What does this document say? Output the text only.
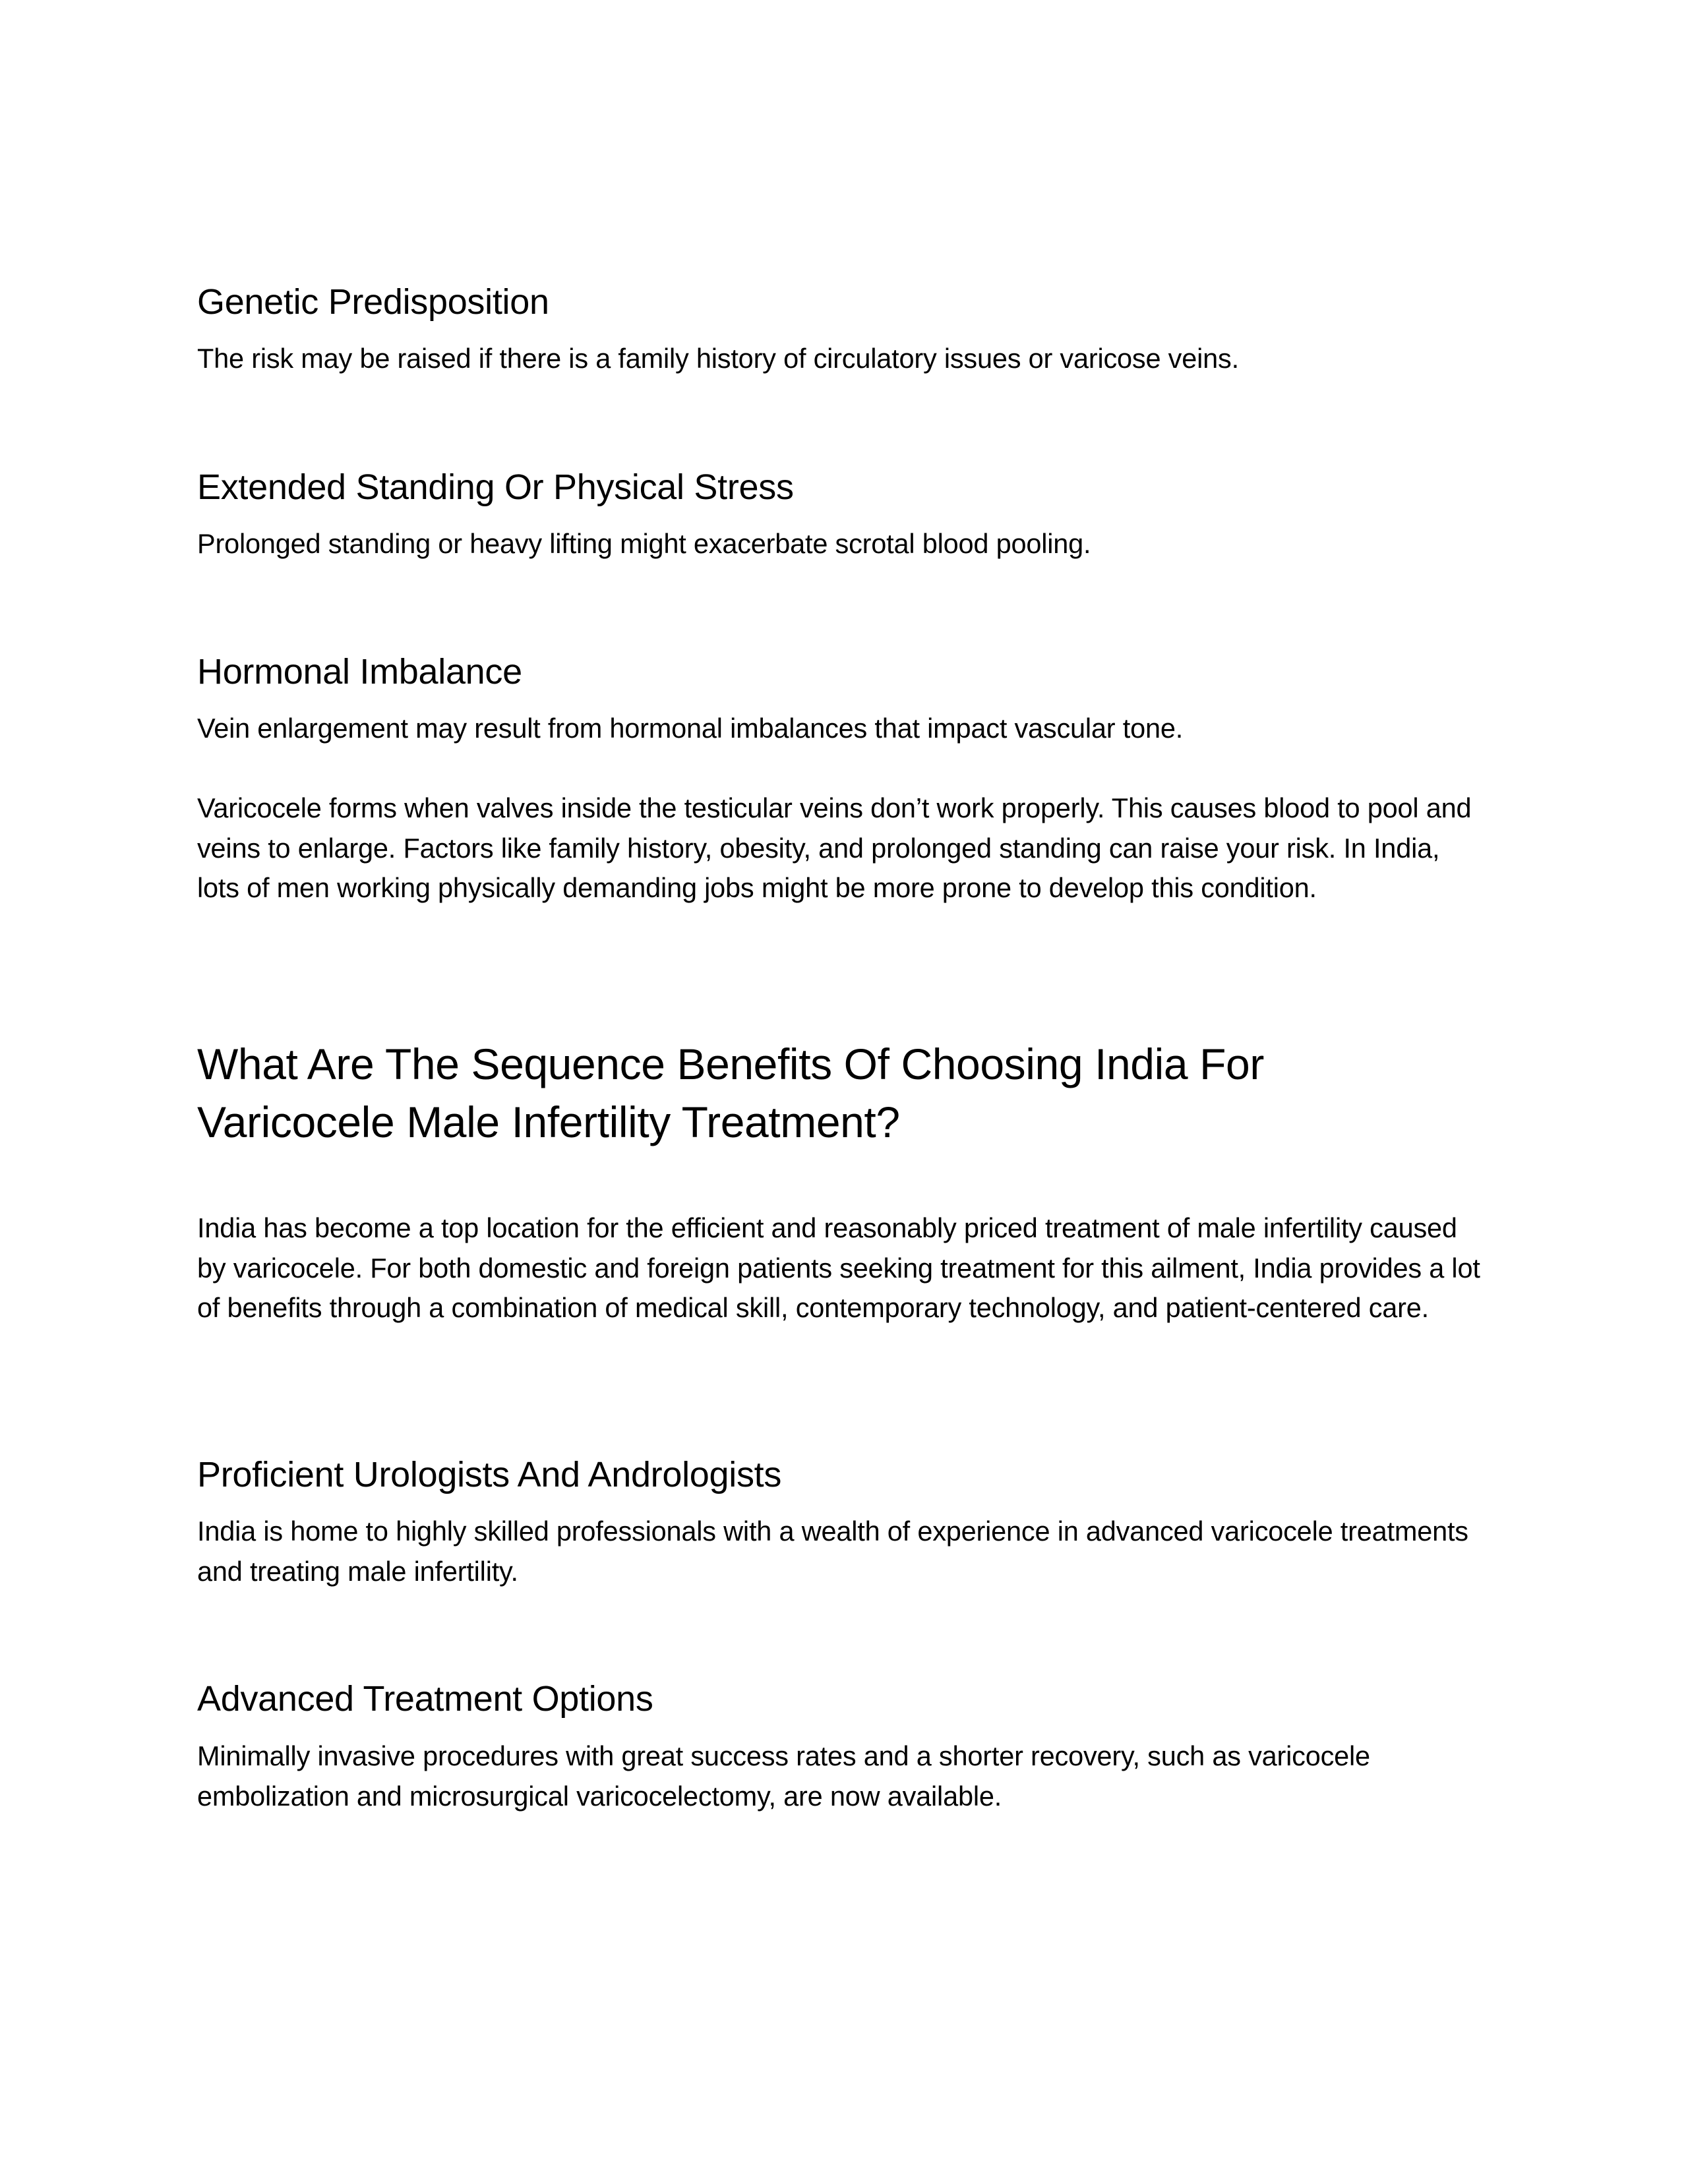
Genetic Predisposition

The risk may be raised if there is a family history of circulatory issues or varicose veins.

Extended Standing Or Physical Stress

Prolonged standing or heavy lifting might exacerbate scrotal blood pooling.

Hormonal Imbalance

Vein enlargement may result from hormonal imbalances that impact vascular tone.

Varicocele forms when valves inside the testicular veins don’t work properly. This causes blood to pool and veins to enlarge. Factors like family history, obesity, and prolonged standing can raise your risk. In India, lots of men working physically demanding jobs might be more prone to develop this condition.

What Are The Sequence Benefits Of Choosing India For Varicocele Male Infertility Treatment?

India has become a top location for the efficient and reasonably priced treatment of male infertility caused by varicocele. For both domestic and foreign patients seeking treatment for this ailment, India provides a lot of benefits through a combination of medical skill, contemporary technology, and patient-centered care.

Proficient Urologists And Andrologists

India is home to highly skilled professionals with a wealth of experience in advanced varicocele treatments and treating male infertility.

Advanced Treatment Options

Minimally invasive procedures with great success rates and a shorter recovery, such as varicocele embolization and microsurgical varicocelectomy, are now available.
